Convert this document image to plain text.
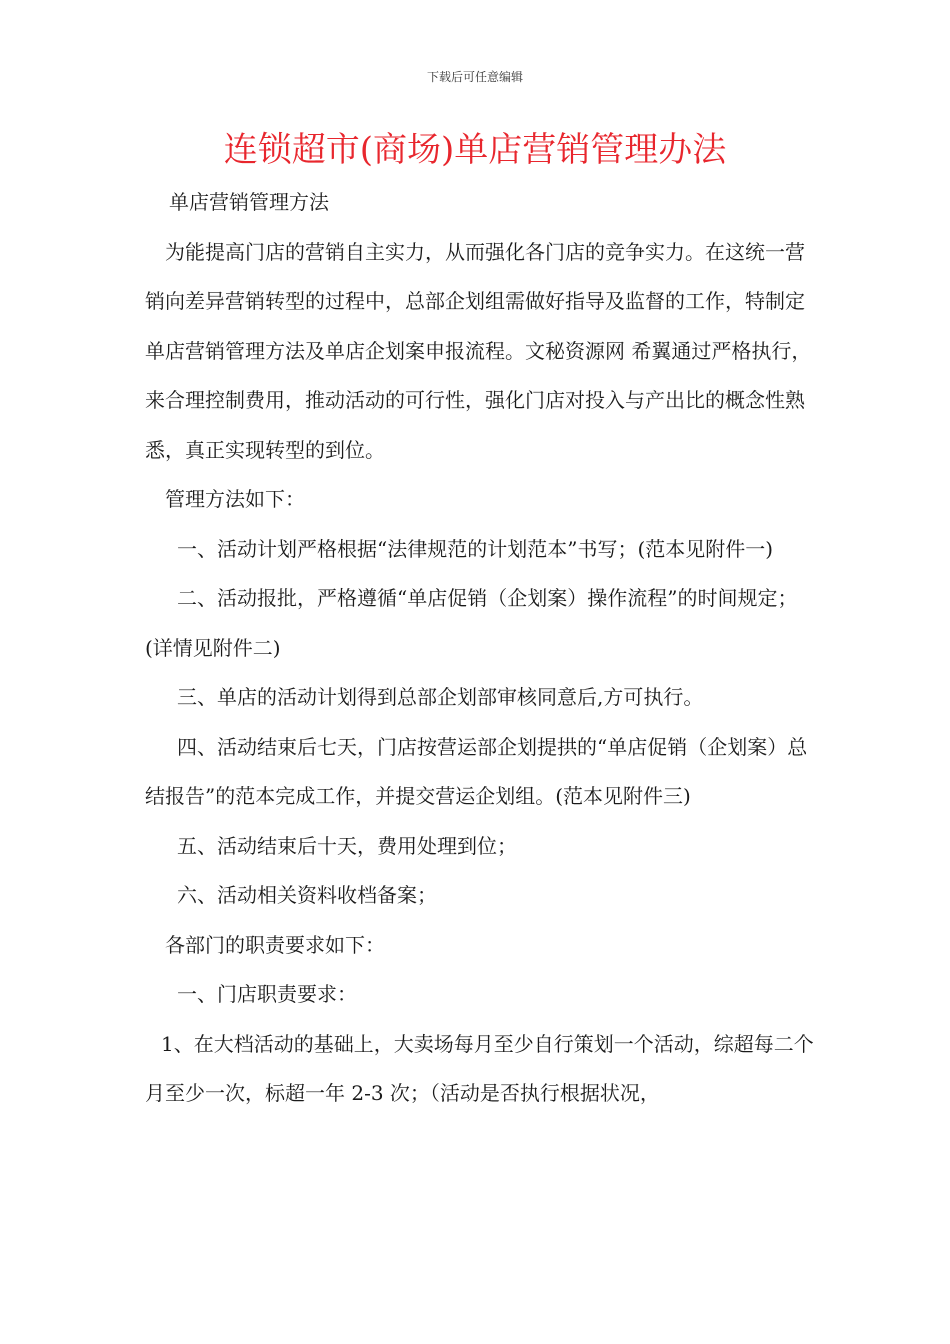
下载后可任意编辑
连锁超市(商场)单店营销管理办法

单店营销管理方法

为能提高门店的营销自主实力，从而强化各门店的竞争实力。在这统一营销向差异营销转型的过程中，总部企划组需做好指导及监督的工作，特制定单店营销管理方法及单店企划案申报流程。文秘资源网 希翼通过严格执行，来合理控制费用，推动活动的可行性，强化门店对投入与产出比的概念性熟悉，真正实现转型的到位。

管理方法如下：

一、活动计划严格根据“法律规范的计划范本”书写；(范本见附件一)

二、活动报批，严格遵循“单店促销（企划案）操作流程”的时间规定；(详情见附件二)

三、单店的活动计划得到总部企划部审核同意后,方可执行。

四、活动结束后七天，门店按营运部企划提拱的“单店促销（企划案）总结报告”的范本完成工作，并提交营运企划组。(范本见附件三)

五、活动结束后十天，费用处理到位；

六、活动相关资料收档备案；

各部门的职责要求如下：

一、门店职责要求：

1、在大档活动的基础上，大卖场每月至少自行策划一个活动，综超每二个月至少一次，标超一年 2-3 次；（活动是否执行根据状况，
